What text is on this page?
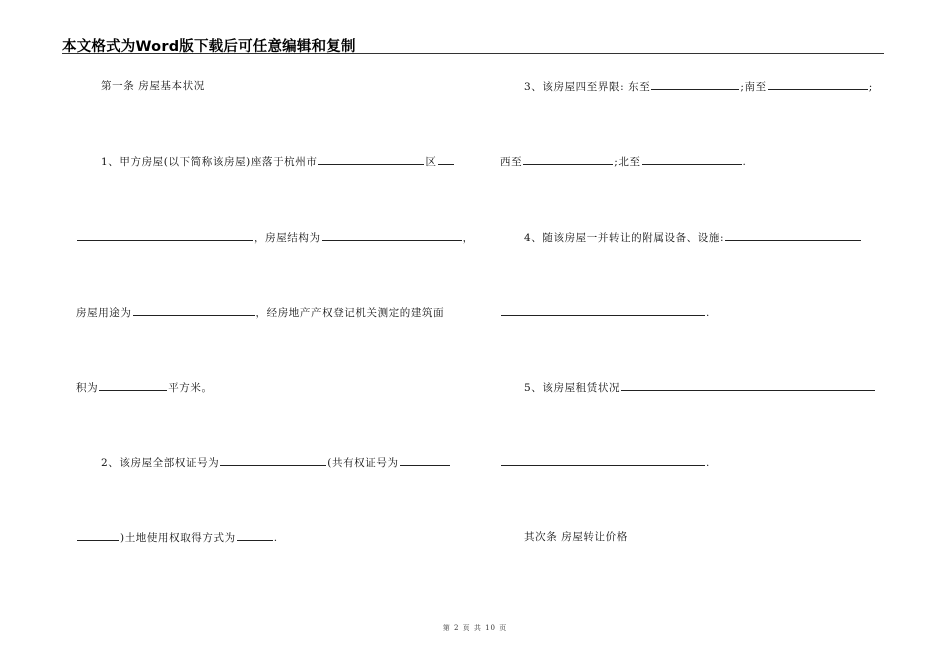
本文格式为Word版下载后可任意编辑和复制
第一条 房屋基本状况
1、甲方房屋(以下简称该房屋)座落于杭州市	区
，房屋结构为	，
房屋用途为	，经房地产产权登记机关测定的建筑面
积为	平方米。
2、该房屋全部权证号为	(共有权证号为
)土地使用权取得方式为	.
3、该房屋四至界限: 东至	;南至	;
西至	;北至	.
4、随该房屋一并转让的附属设备、设施:
.
5、该房屋租赁状况
.
其次条 房屋转让价格
第 2 页 共 10 页
